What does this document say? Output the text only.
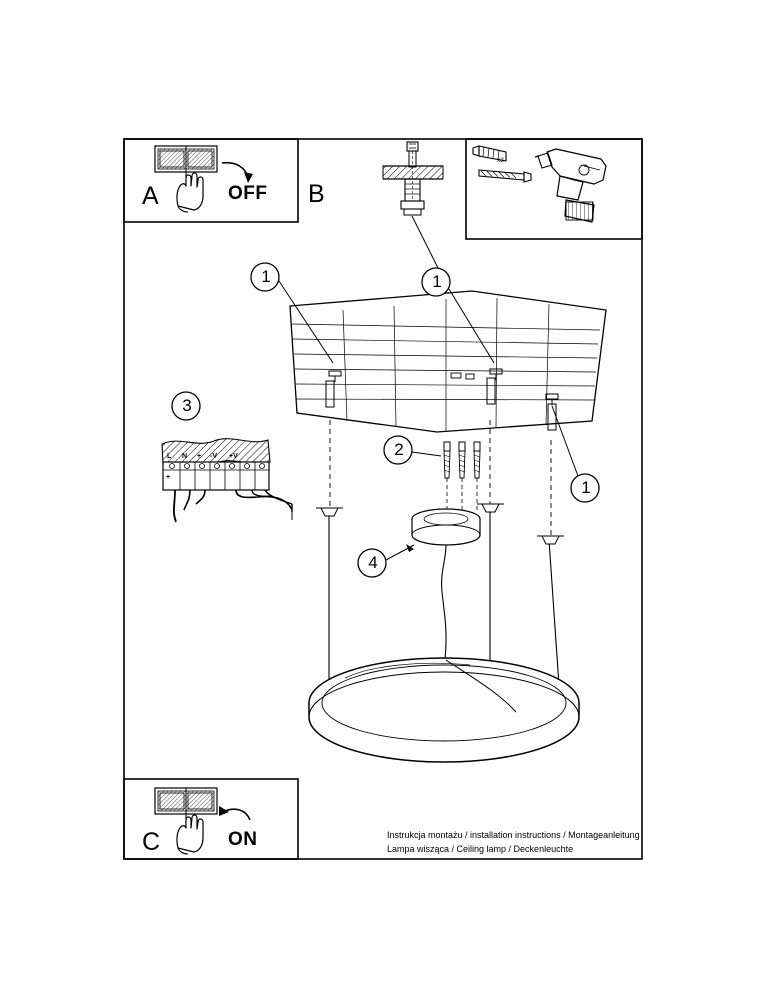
A	OFF B
C	ON
x3
1	1
1
2
3
4
L N + -V +V
+
Instrukcja montażu / installation instructions / Montageanleitung
Lampa wisząca / Ceiling lamp / Deckenleuchte
